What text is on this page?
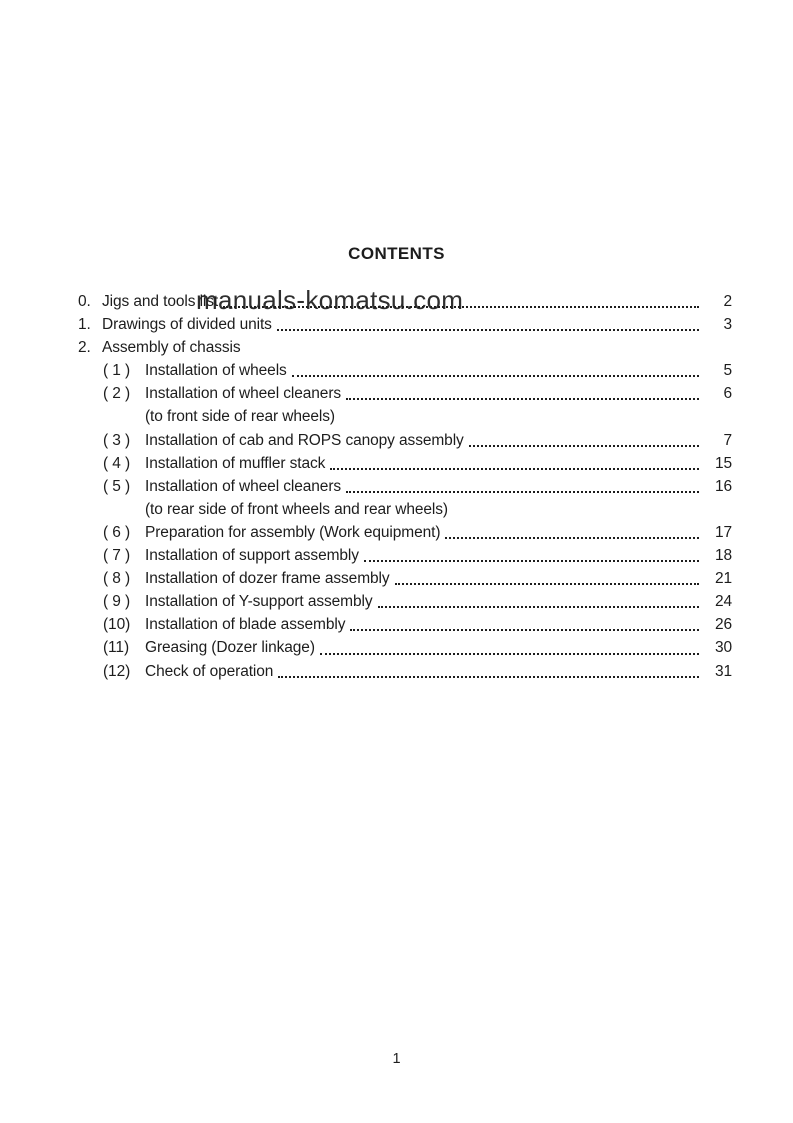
CONTENTS
0. Jigs and tools list	2
1. Drawings of divided units	3
2. Assembly of chassis
( 1 ) Installation of wheels	5
( 2 ) Installation of wheel cleaners	6
(to front side of rear wheels)
( 3 ) Installation of cab and ROPS canopy assembly	7
( 4 ) Installation of muffler stack	15
( 5 ) Installation of wheel cleaners	16
(to rear side of front wheels and rear wheels)
( 6 ) Preparation for assembly (Work equipment)	17
( 7 ) Installation of support assembly	18
( 8 ) Installation of dozer frame assembly	21
( 9 ) Installation of Y-support assembly	24
(10) Installation of blade assembly	26
(11)	Greasing (Dozer linkage)	30
(12) Check of operation	31
manuals-komatsu.com
1
